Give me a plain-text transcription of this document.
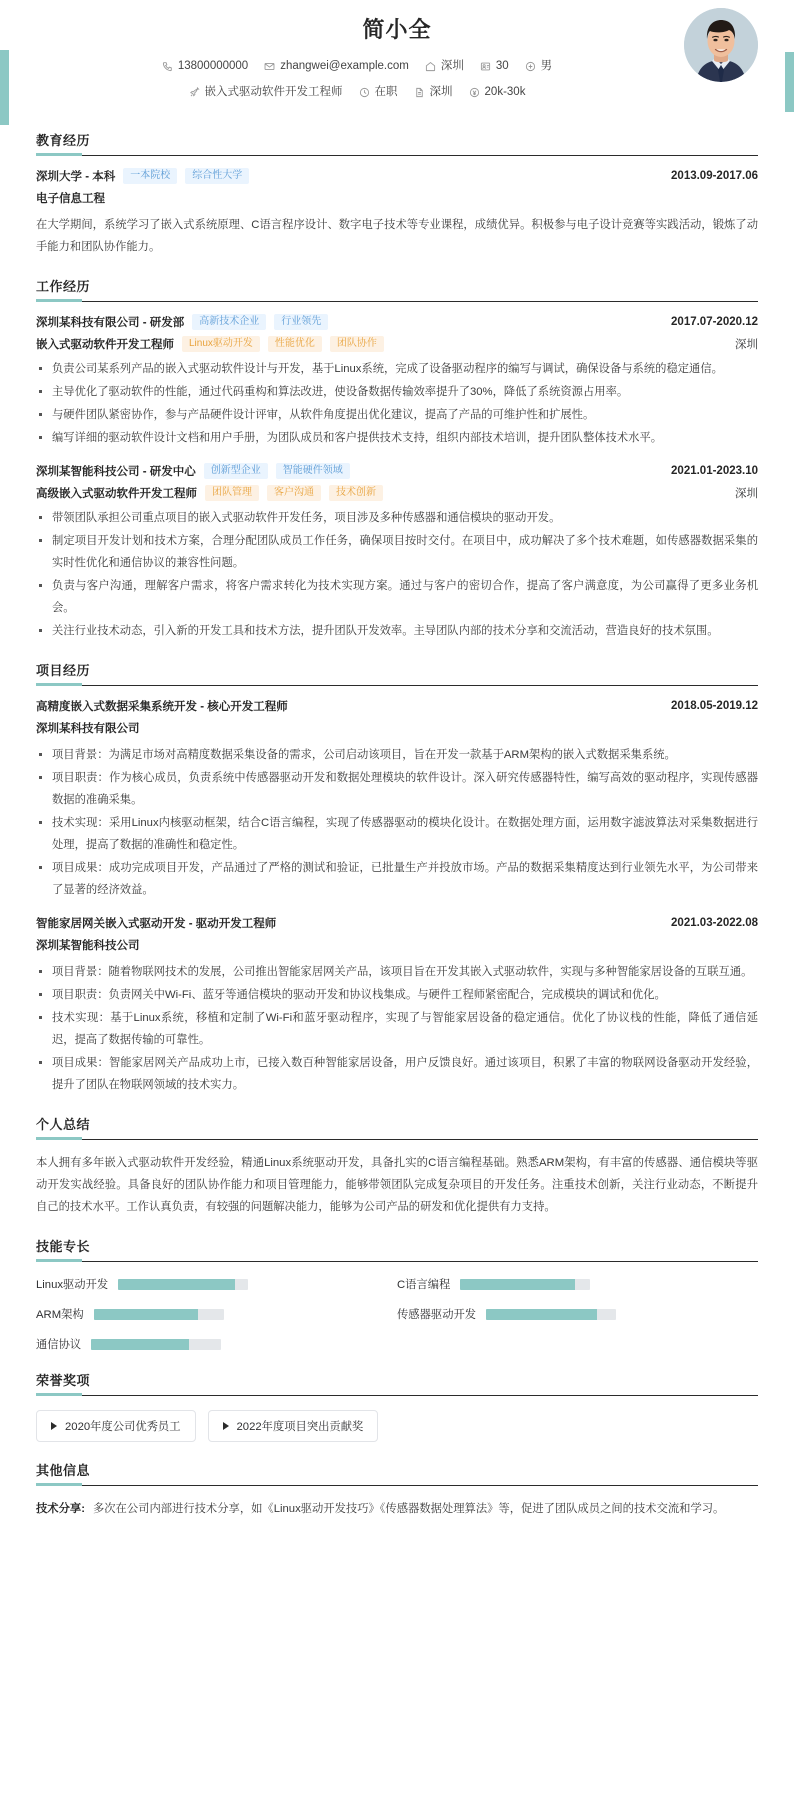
简小全
13800000000	zhangwei@example.com	深圳	30	男
嵌入式驱动软件开发工程师	在职	深圳	20k-30k
教育经历
深圳大学 - 本科	一本院校	综合性大学	2013.09-2017.06
电子信息工程
在大学期间，系统学习了嵌入式系统原理、C语言程序设计、数字电子技术等专业课程，成绩优异。积极参与电子设计竞赛等实践活动，锻炼了动手能力和团队协作能力。
工作经历
深圳某科技有限公司 - 研发部	高新技术企业	行业领先	2017.07-2020.12
嵌入式驱动软件开发工程师	Linux驱动开发	性能优化	团队协作	深圳
负责公司某系列产品的嵌入式驱动软件设计与开发，基于Linux系统，完成了设备驱动程序的编写与调试，确保设备与系统的稳定通信。
主导优化了驱动软件的性能，通过代码重构和算法改进，使设备数据传输效率提升了30%，降低了系统资源占用率。
与硬件团队紧密协作，参与产品硬件设计评审，从软件角度提出优化建议，提高了产品的可维护性和扩展性。
编写详细的驱动软件设计文档和用户手册，为团队成员和客户提供技术支持，组织内部技术培训，提升团队整体技术水平。
深圳某智能科技公司 - 研发中心	创新型企业	智能硬件领域	2021.01-2023.10
高级嵌入式驱动软件开发工程师	团队管理	客户沟通	技术创新	深圳
带领团队承担公司重点项目的嵌入式驱动软件开发任务，项目涉及多种传感器和通信模块的驱动开发。
制定项目开发计划和技术方案，合理分配团队成员工作任务，确保项目按时交付。在项目中，成功解决了多个技术难题，如传感器数据采集的实时性优化和通信协议的兼容性问题。
负责与客户沟通，理解客户需求，将客户需求转化为技术实现方案。通过与客户的密切合作，提高了客户满意度，为公司赢得了更多业务机会。
关注行业技术动态，引入新的开发工具和技术方法，提升团队开发效率。主导团队内部的技术分享和交流活动，营造良好的技术氛围。
项目经历
高精度嵌入式数据采集系统开发 - 核心开发工程师	2018.05-2019.12
深圳某科技有限公司
项目背景：为满足市场对高精度数据采集设备的需求，公司启动该项目，旨在开发一款基于ARM架构的嵌入式数据采集系统。
项目职责：作为核心成员，负责系统中传感器驱动开发和数据处理模块的软件设计。深入研究传感器特性，编写高效的驱动程序，实现传感器数据的准确采集。
技术实现：采用Linux内核驱动框架，结合C语言编程，实现了传感器驱动的模块化设计。在数据处理方面，运用数字滤波算法对采集数据进行处理，提高了数据的准确性和稳定性。
项目成果：成功完成项目开发，产品通过了严格的测试和验证，已批量生产并投放市场。产品的数据采集精度达到行业领先水平，为公司带来了显著的经济效益。
智能家居网关嵌入式驱动开发 - 驱动开发工程师	2021.03-2022.08
深圳某智能科技公司
项目背景：随着物联网技术的发展，公司推出智能家居网关产品，该项目旨在开发其嵌入式驱动软件，实现与多种智能家居设备的互联互通。
项目职责：负责网关中Wi-Fi、蓝牙等通信模块的驱动开发和协议栈集成。与硬件工程师紧密配合，完成模块的调试和优化。
技术实现：基于Linux系统，移植和定制了Wi-Fi和蓝牙驱动程序，实现了与智能家居设备的稳定通信。优化了协议栈的性能，降低了通信延迟，提高了数据传输的可靠性。
项目成果：智能家居网关产品成功上市，已接入数百种智能家居设备，用户反馈良好。通过该项目，积累了丰富的物联网设备驱动开发经验，提升了团队在物联网领域的技术实力。
个人总结
本人拥有多年嵌入式驱动软件开发经验，精通Linux系统驱动开发，具备扎实的C语言编程基础。熟悉ARM架构，有丰富的传感器、通信模块等驱动开发实战经验。具备良好的团队协作能力和项目管理能力，能够带领团队完成复杂项目的开发任务。注重技术创新，关注行业动态，不断提升自己的技术水平。工作认真负责，有较强的问题解决能力，能够为公司产品的研发和优化提供有力支持。
技能专长
Linux驱动开发	C语言编程
ARM架构	传感器驱动开发
通信协议
荣誉奖项
2020年度公司优秀员工	2022年度项目突出贡献奖
其他信息
技术分享: 多次在公司内部进行技术分享，如《Linux驱动开发技巧》《传感器数据处理算法》等，促进了团队成员之间的技术交流和学习。
